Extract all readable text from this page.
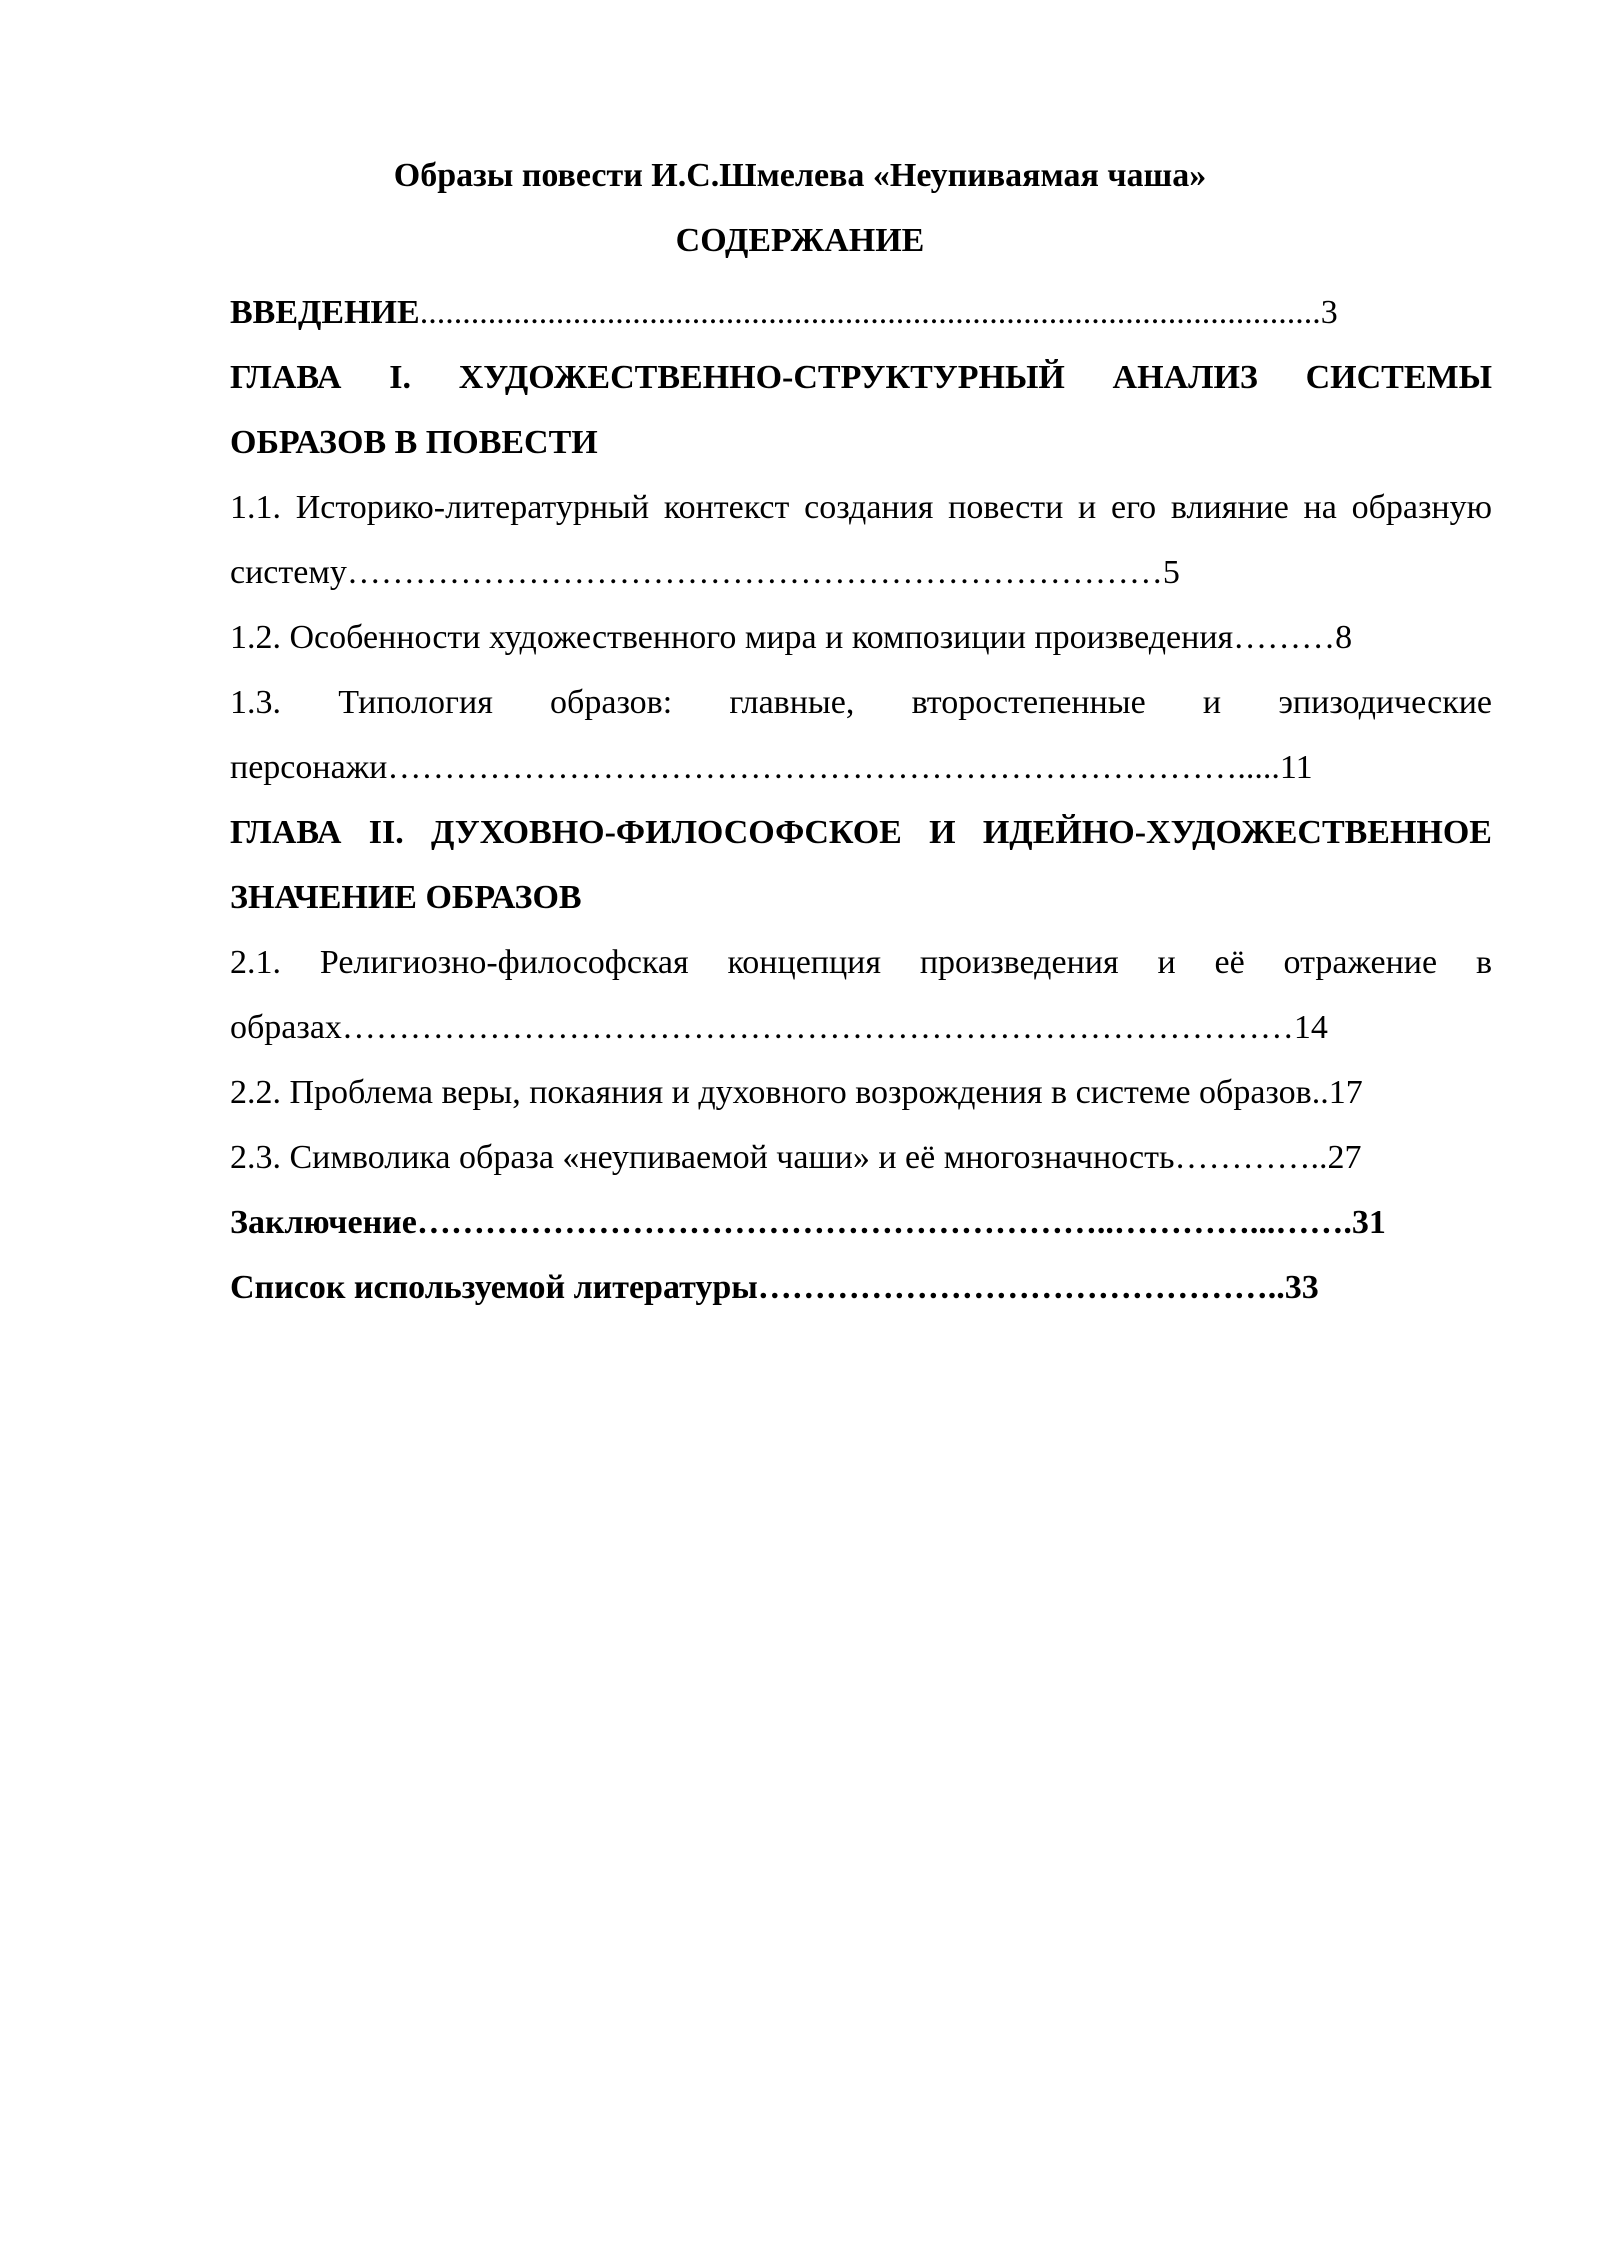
Образы повести И.С.Шмелева «Неупиваямая чаша»

СОДЕРЖАНИЕ

ВВЕДЕНИЕ..........................................................................................................3

ГЛАВА I. ХУДОЖЕСТВЕННО-СТРУКТУРНЫЙ АНАЛИЗ СИСТЕМЫ ОБРАЗОВ В ПОВЕСТИ

1.1. Историко-литературный контекст создания повести и его влияние на образную систему………………………………………………………………5

1.2. Особенности художественного мира и композиции произведения………8

1.3. Типология образов: главные, второстепенные и эпизодические персонажи………………………………………………………………….....11

ГЛАВА II. ДУХОВНО-ФИЛОСОФСКОЕ И ИДЕЙНО-ХУДОЖЕСТВЕННОЕ ЗНАЧЕНИЕ ОБРАЗОВ

2.1. Религиозно-философская концепция произведения и её отражение в образах…………………………………………………………………………14

2.2. Проблема веры, покаяния и духовного возрождения в системе образов..17

2.3. Символика образа «неупиваемой чаши» и её многозначность…………..27

Заключение……………………………………………………..…………...…….31

Список используемой литературы………………………………………..33
